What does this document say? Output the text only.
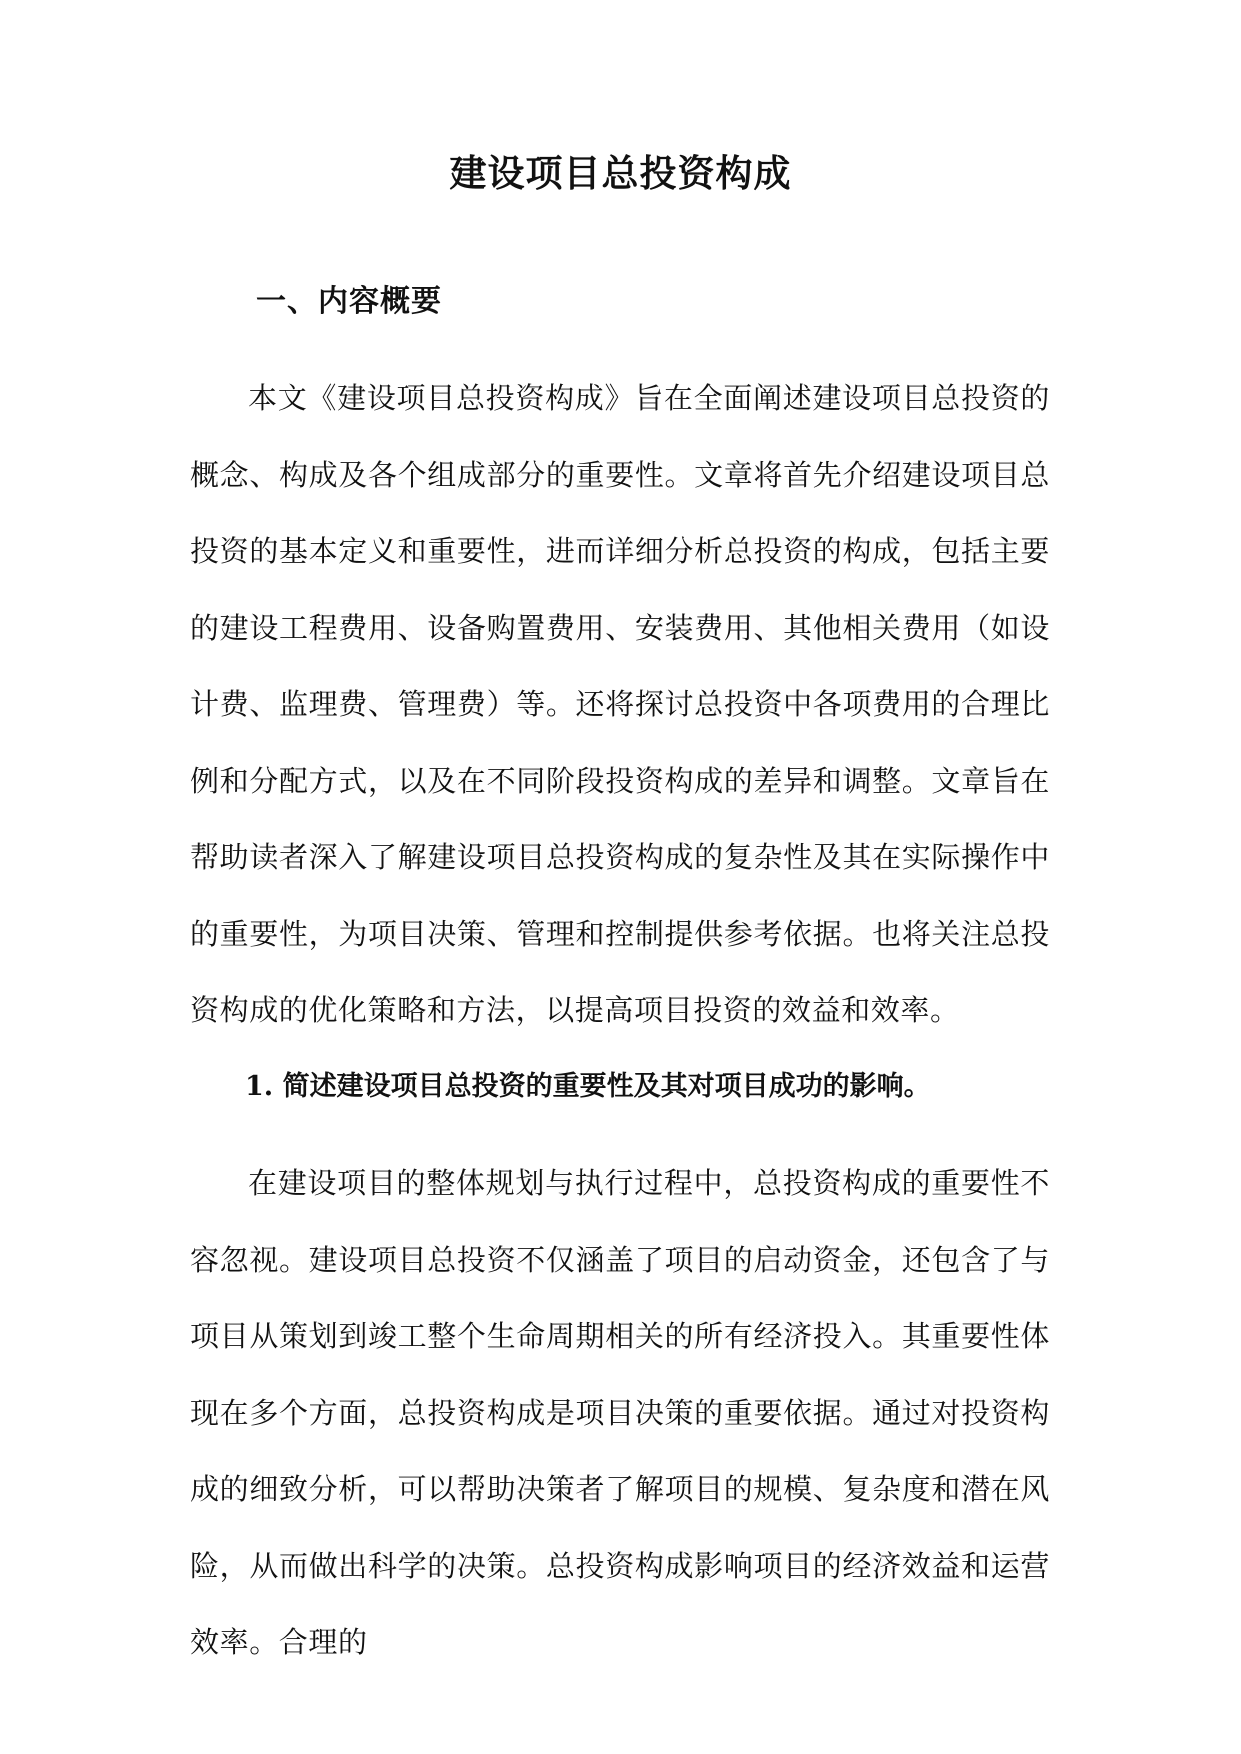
建设项目总投资构成
一、内容概要
本文《建设项目总投资构成》旨在全面阐述建设项目总投资的概念、构成及各个组成部分的重要性。文章将首先介绍建设项目总投资的基本定义和重要性，进而详细分析总投资的构成，包括主要的建设工程费用、设备购置费用、安装费用、其他相关费用（如设计费、监理费、管理费）等。还将探讨总投资中各项费用的合理比例和分配方式，以及在不同阶段投资构成的差异和调整。文章旨在帮助读者深入了解建设项目总投资构成的复杂性及其在实际操作中的重要性，为项目决策、管理和控制提供参考依据。也将关注总投资构成的优化策略和方法，以提高项目投资的效益和效率。
1. 简述建设项目总投资的重要性及其对项目成功的影响。
在建设项目的整体规划与执行过程中，总投资构成的重要性不容忽视。建设项目总投资不仅涵盖了项目的启动资金，还包含了与项目从策划到竣工整个生命周期相关的所有经济投入。其重要性体现在多个方面，总投资构成是项目决策的重要依据。通过对投资构成的细致分析，可以帮助决策者了解项目的规模、复杂度和潜在风险，从而做出科学的决策。总投资构成影响项目的经济效益和运营效率。合理的
